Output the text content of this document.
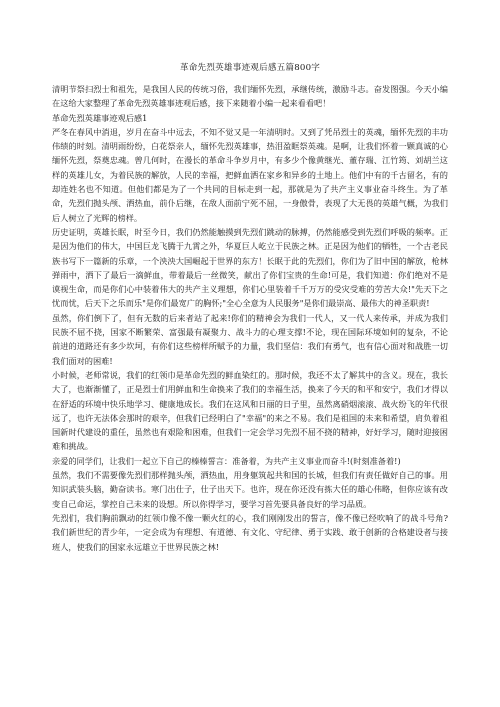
革命先烈英雄事迹观后感五篇800字

清明节祭扫烈士和祖先，是我国人民的传统习俗，我们缅怀先烈，承继传统，激励斗志。奋发图强。今天小编在这给大家整理了革命先烈英雄事迹观后感，接下来随着小编一起来看看吧！

革命先烈英雄事迹观后感1

严冬在春风中消退，岁月在奋斗中远去，不知不觉又是一年清明时。又到了凭吊烈士的英魂，缅怀先烈的丰功伟绩的时刻。清明雨纷纷，白花祭亲人，缅怀先烈英雄事，热泪盈眶祭英魂。是啊，让我们怀着一颗真诚的心缅怀先烈，祭奠忠魂。曾几何时，在漫长的革命斗争岁月中，有多少个像黄继光、董存瑞、江竹筠、刘胡兰这样的英雄儿女，为着民族的解放，人民的幸福，把鲜血洒在家乡和异乡的土地上。他们中有的千古留名，有的却连姓名也不知道。但他们都是为了一个共同的目标走到一起，那就是为了共产主义事业奋斗终生。为了革命，先烈们抛头颅、洒热血，前仆后继，在敌人面前宁死不屈，一身傲骨，表现了大无畏的英雄气概，为我们后人树立了光辉的榜样。

历史证明，英雄长眠，时至今日，我们仍然能触摸到先烈们跳动的脉搏，仍然能感受到先烈们呼吸的频率。正是因为他们的伟大，中国巨龙飞腾于九霄之外，华夏巨人屹立于民族之林。正是因为他们的牺牲，一个古老民族书写下一篇新的乐章，一个泱泱大国崛起于世界的东方！长眠于此的先烈们，你们为了旧中国的解放，枪林弹雨中，洒下了最后一滴鲜血，带着最后一丝微笑，献出了你们宝贵的生命!可是，我们知道：你们绝对不是谟视生命，而是你们心中装着伟大的共产主义理想，你们心里装着千千万万的受灾受难的劳苦大众!"先天下之忧而忧，后天下之乐而乐"是你们最宽广的胸怀;"全心全意为人民服务"是你们最崇高、最伟大的神圣职责!

虽然，你们倒下了，但有无数的后来者站了起来!你们的精神会为我们一代人，又一代人来传承，并成为我们民族不屈不挠，国家不断繁荣、富强最有凝聚力、战斗力的心理支撑!不论，现在国际环境如何的复杂，不论前进的道路还有多少坎坷，有你们这些榜样所赋予的力量，我们坚信：我们有勇气，也有信心面对和战胜一切我们面对的困难!

小时候，老师常说，我们的红领巾是革命先烈的鲜血染红的。那时候，我还不太了解其中的含义。现在，我长大了，也渐渐懂了，正是烈士们用鲜血和生命换来了我们的幸福生活，换来了今天的和平和安宁，我们才得以在舒适的环境中快乐地学习、健康地成长。我们在这风和日丽的日子里，虽然离硝烟滚滚、战火纷飞的年代很远了，也许无法体会那时的艰辛，但我们已经明白了"幸福"的来之不易。我们是祖国的未来和希望，肩负着祖国新时代建设的重任，虽然也有艰险和困难，但我们一定会学习先烈不屈不挠的精神，好好学习，随时迎接困难和挑战。

亲爱的同学们，让我们一起立下自己的榛榛誓言：准备着，为共产主义事业而奋斗!(时刻准备着!)

虽然，我们不需要像先烈们那样抛头颅，洒热血，用身躯筑起共和国的长城，但我们有责任做好自己的事。用知识武装头脑，勤奋读书。寒门出仕子，仕子出天下。也许，现在你还没有拣大任的雄心伟略，但你应该有改变自己命运，掌控自己未来的设想。所以你得学习，要学习首先要具备良好的学习品质。

先烈们，我们胸前飘动的红领巾像不像一颗火红的心，我们刚刚发出的誓言，像不像已经吹响了的战斗号角?我们新世纪的青少年，一定会成为有理想、有道德、有文化、守纪律、勇于实践、敢于创新的合格建设者与接班人，使我们的国家永远雄立于世界民族之林!
